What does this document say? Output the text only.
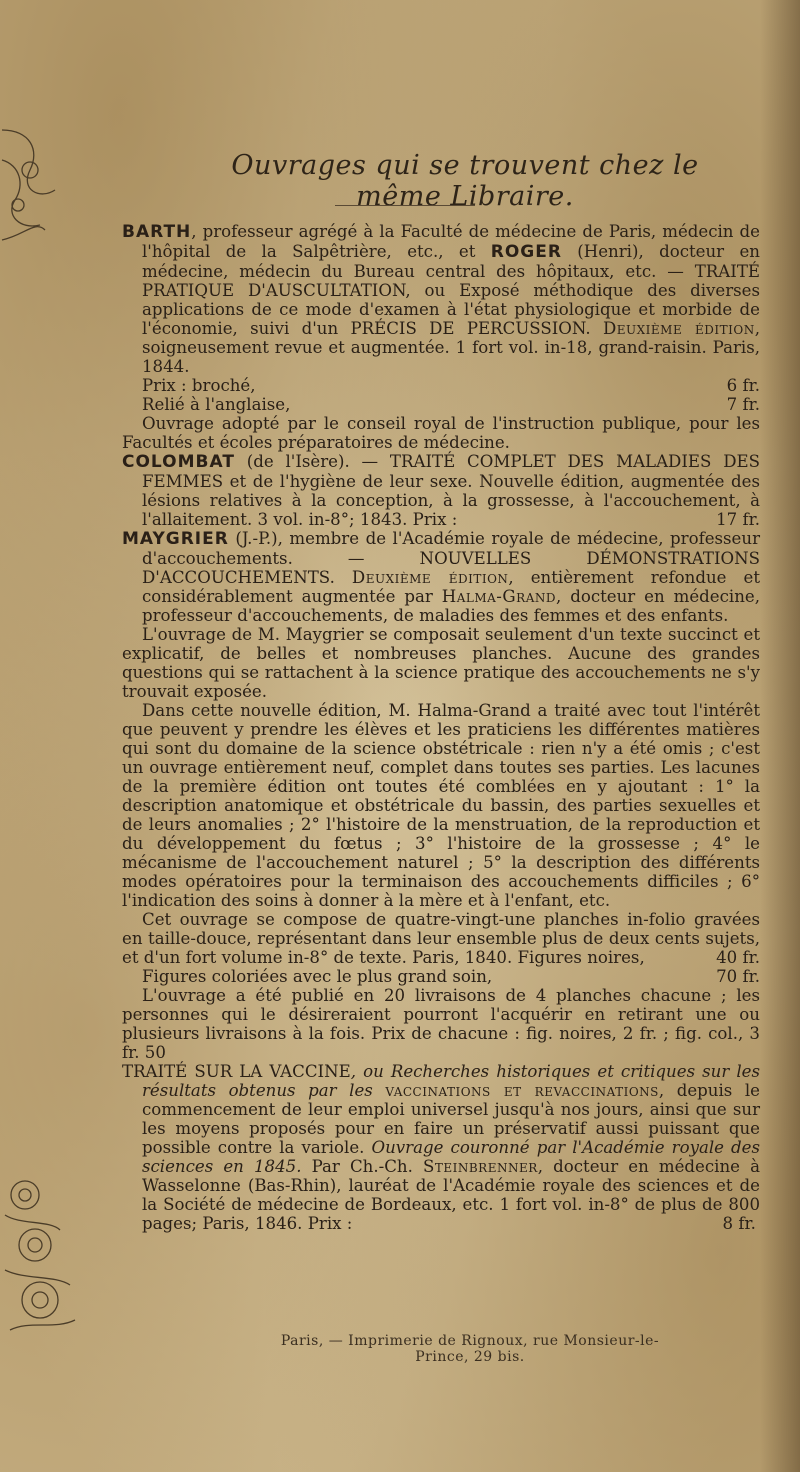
Ouvrages qui se trouvent chez le même Libraire.
BARTH, professeur agrégé à la Faculté de médecine de Paris, médecin de l'hôpital de la Salpêtrière, etc., et ROGER (Henri), docteur en médecine, médecin du Bureau central des hôpitaux, etc. — TRAITÉ PRATIQUE D'AUSCULTATION, ou Exposé méthodique des diverses applications de ce mode d'examen à l'état physiologique et morbide de l'économie, suivi d'un PRÉCIS DE PERCUSSION. Deuxième édition, soigneusement revue et augmentée. 1 fort vol. in-18, grand-raisin. Paris, 1844.
Prix : broché,	6 fr.
Relié à l'anglaise,	7 fr.
Ouvrage adopté par le conseil royal de l'instruction publique, pour les Facultés et écoles préparatoires de médecine.
COLOMBAT (de l'Isère). — TRAITÉ COMPLET DES MALADIES DES FEMMES et de l'hygiène de leur sexe. Nouvelle édition, augmentée des lésions relatives à la conception, à la grossesse, à l'accouchement, à l'allaitement. 3 vol. in-8°; 1843. Prix :	17 fr.
MAYGRIER (J.-P.), membre de l'Académie royale de médecine, professeur d'accouchements. — NOUVELLES DÉMONSTRATIONS D'ACCOUCHEMENTS. Deuxième édition, entièrement refondue et considérablement augmentée par Halma-Grand, docteur en médecine, professeur d'accouchements, de maladies des femmes et des enfants.
L'ouvrage de M. Maygrier se composait seulement d'un texte succinct et explicatif, de belles et nombreuses planches. Aucune des grandes questions qui se rattachent à la science pratique des accouchements ne s'y trouvait exposée.
Dans cette nouvelle édition, M. Halma-Grand a traité avec tout l'intérêt que peuvent y prendre les élèves et les praticiens les différentes matières qui sont du domaine de la science obstétricale : rien n'y a été omis ; c'est un ouvrage entièrement neuf, complet dans toutes ses parties. Les lacunes de la première édition ont toutes été comblées en y ajoutant : 1° la description anatomique et obstétricale du bassin, des parties sexuelles et de leurs anomalies ; 2° l'histoire de la menstruation, de la reproduction et du développement du fœtus ; 3° l'histoire de la grossesse ; 4° le mécanisme de l'accouchement naturel ; 5° la description des différents modes opératoires pour la terminaison des accouchements difficiles ; 6° l'indication des soins à donner à la mère et à l'enfant, etc.
Cet ouvrage se compose de quatre-vingt-une planches in-folio gravées en taille-douce, représentant dans leur ensemble plus de deux cents sujets, et d'un fort volume in-8° de texte. Paris, 1840. Figures noires,	40 fr.
Figures coloriées avec le plus grand soin,	70 fr.
L'ouvrage a été publié en 20 livraisons de 4 planches chacune ; les personnes qui le désireraient pourront l'acquérir en retirant une ou plusieurs livraisons à la fois. Prix de chacune : fig. noires, 2 fr. ; fig. col., 3 fr. 50
TRAITÉ SUR LA VACCINE, ou Recherches historiques et critiques sur les résultats obtenus par les vaccinations et revaccinations, depuis le commencement de leur emploi universel jusqu'à nos jours, ainsi que sur les moyens proposés pour en faire un préservatif aussi puissant que possible contre la variole. Ouvrage couronné par l'Académie royale des sciences en 1845. Par Ch.-Ch. Steinbrenner, docteur en médecine à Wasselonne (Bas-Rhin), lauréat de l'Académie royale des sciences et de la Société de médecine de Bordeaux, etc. 1 fort vol. in-8° de plus de 800 pages; Paris, 1846. Prix :	8 fr.
Paris, — Imprimerie de Rignoux, rue Monsieur-le-Prince, 29 bis.
